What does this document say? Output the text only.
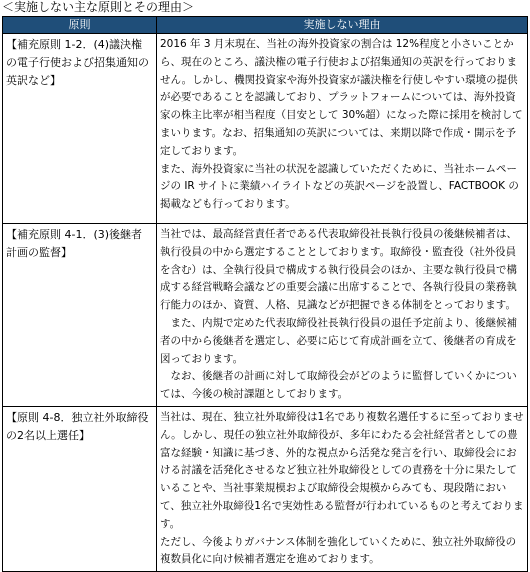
＜実施しない主な原則とその理由＞
原則	実施しない理由
【補充原則 1-2．(4)議決権の電子行使および招集通知の英訳など】	2016 年 3 月末現在、当社の海外投資家の割合は 12%程度と小さいことから、現在のところ、議決権の電子行使および招集通知の英訳を行っておりません。しかし、機関投資家や海外投資家が議決権を行使しやすい環境の提供が必要であることを認識しており、プラットフォームについては、海外投資家の株主比率が相当程度（目安として 30%超）になった際に採用を検討してまいります。なお、招集通知の英訳については、来期以降で作成・開示を予定しております。
また、海外投資家に当社の状況を認識していただくために、当社ホームページの IR サイトに業績ハイライトなどの英訳ページを設置し、FACTBOOK の掲載なども行っております。

【補充原則 4-1．(3)後継者計画の監督】	当社では、最高経営責任者である代表取締役社長執行役員の後継候補者は、執行役員の中から選定することとしております。取締役・監査役（社外役員を含む）は、全執行役員で構成する執行役員会のほか、主要な執行役員で構成する経営戦略会議などの重要会議に出席することで、各執行役員の業務執行能力のほか、資質、人格、見識などが把握できる体制をとっております。
　また、内規で定めた代表取締役社長執行役員の退任予定前より、後継候補者の中から後継者を選定し、必要に応じて育成計画を立て、後継者の育成を図っております。
　なお、後継者の計画に対して取締役会がどのように監督していくかについては、今後の検討課題としております。

【原則 4-8．独立社外取締役の2名以上選任】	当社は、現在、独立社外取締役は1名であり複数名選任するに至っておりません。しかし、現任の独立社外取締役が、多年にわたる会社経営者としての豊富な経験・知識に基づき、外的な視点から活発な発言を行い、取締役会における討議を活発化させるなど独立社外取締役としての責務を十分に果たしていることや、当社事業規模および取締役会規模からみても、現段階において、独立社外取締役1名で実効性ある監督が行われているものと考えております。
ただし、今後よりガバナンス体制を強化していくために、独立社外取締役の複数員化に向け候補者選定を進めております。
